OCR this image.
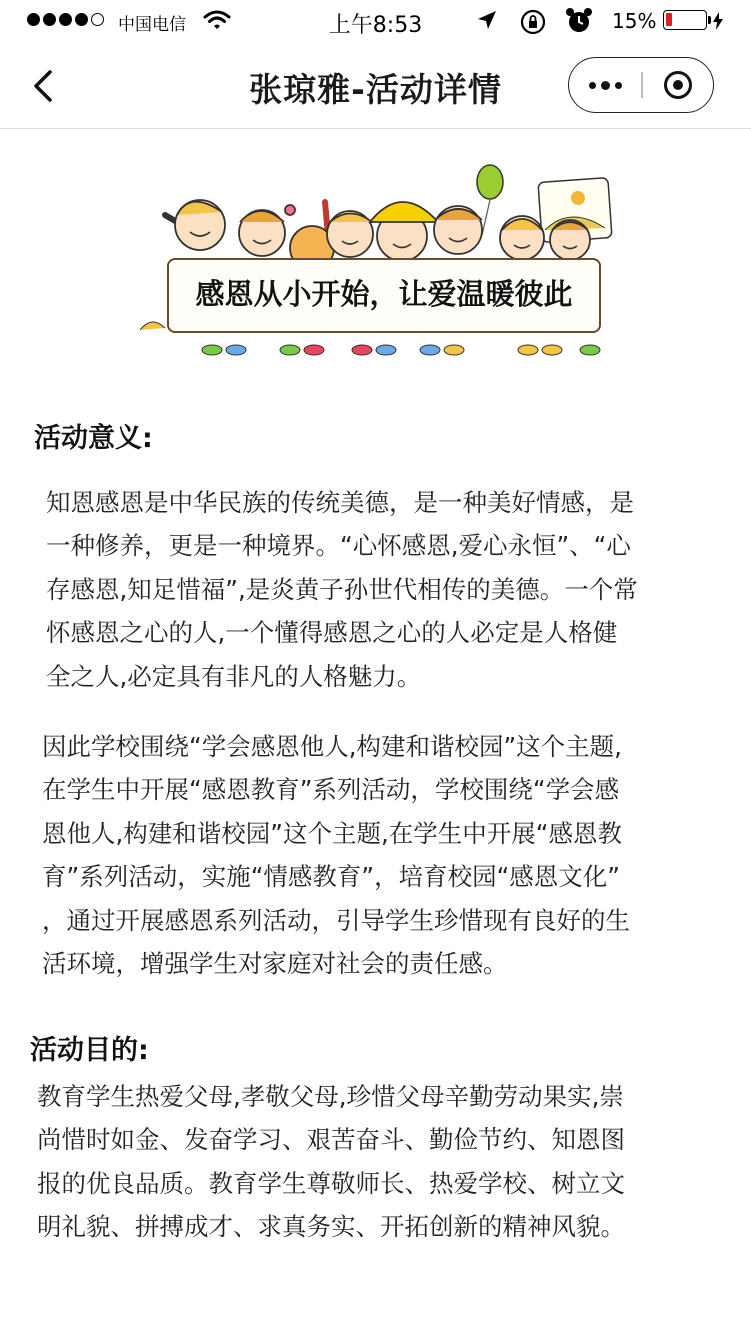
中国电信	上午8:53	15%
张琼雅-活动详情
感恩从小开始，让爱温暖彼此
活动意义:
知恩感恩是中华民族的传统美德，是一种美好情感，是
一种修养，更是一种境界。“心怀感恩,爱心永恒”、“心
存感恩,知足惜福”,是炎黄子孙世代相传的美德。一个常
怀感恩之心的人,一个懂得感恩之心的人必定是人格健
全之人,必定具有非凡的人格魅力。
因此学校围绕“学会感恩他人,构建和谐校园”这个主题,
在学生中开展“感恩教育”系列活动，学校围绕“学会感
恩他人,构建和谐校园”这个主题,在学生中开展“感恩教
育”系列活动，实施“情感教育”，培育校园“感恩文化”
，通过开展感恩系列活动，引导学生珍惜现有良好的生
活环境，增强学生对家庭对社会的责任感。
活动目的:
教育学生热爱父母,孝敬父母,珍惜父母辛勤劳动果实,崇
尚惜时如金、发奋学习、艰苦奋斗、勤俭节约、知恩图
报的优良品质。教育学生尊敬师长、热爱学校、树立文
明礼貌、拼搏成才、求真务实、开拓创新的精神风貌。
